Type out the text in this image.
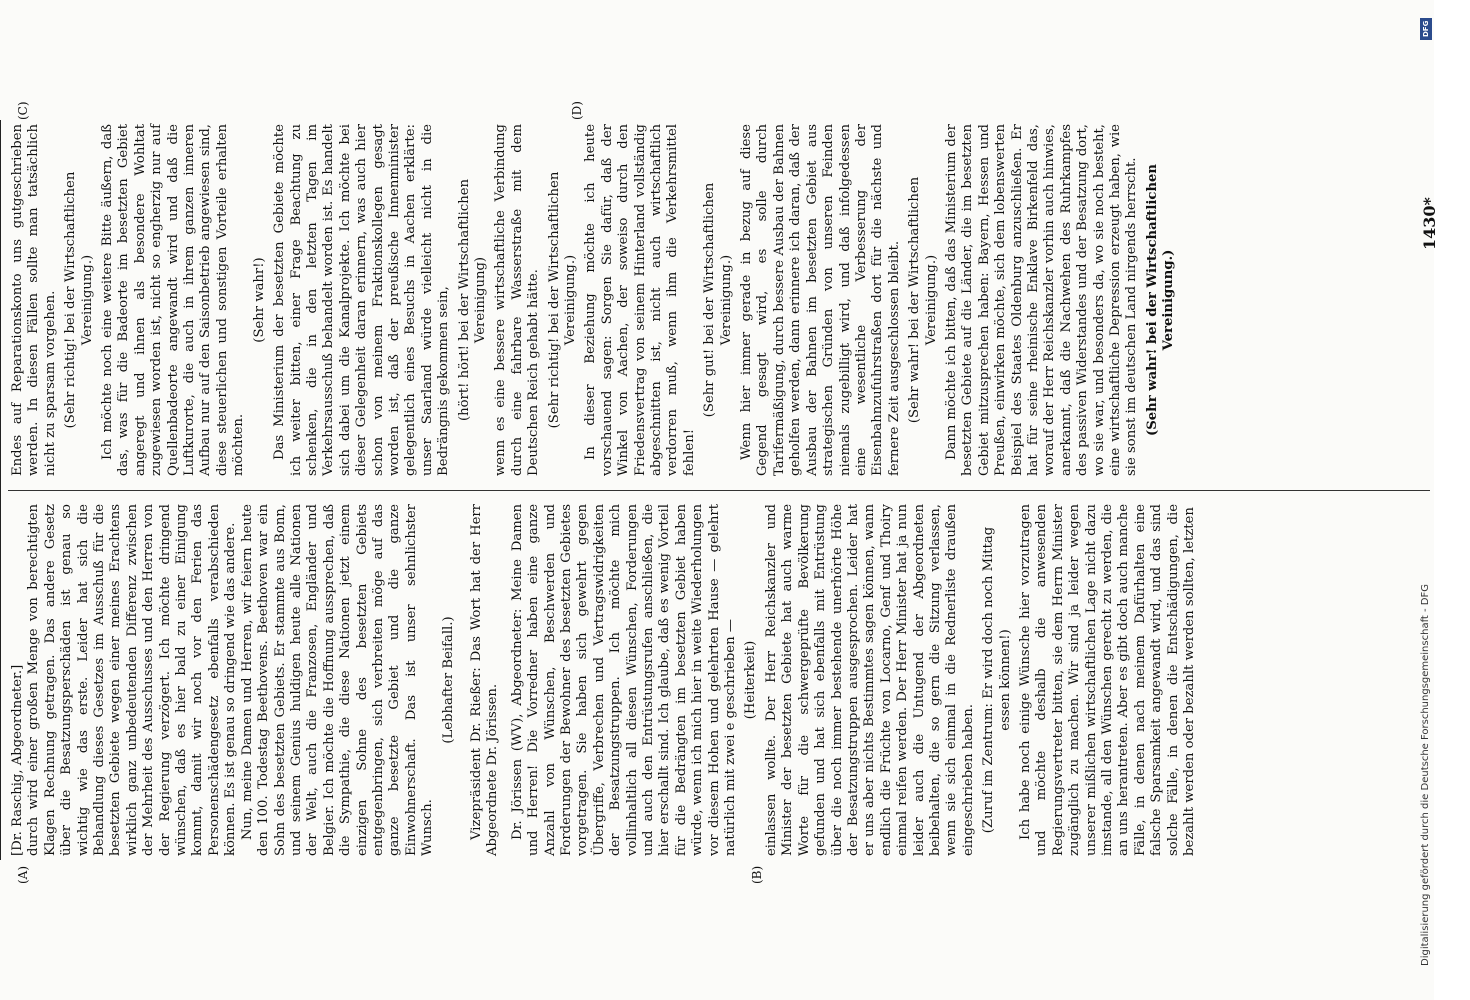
(A)	(B)
(C)	(D)

[Dr. Raschig, Abgeordneter.] durch wird einer großen Menge von berechtigten Klagen Rechnung getragen. Das andere Gesetz über die Besatzungsperschäden ist genau so wichtig wie das erste. Leider hat sich die Behandlung dieses Gesetzes im Ausschuß für die besetzten Gebiete wegen einer meines Erachtens wirklich ganz unbedeutenden Differenz zwischen der Mehrheit des Ausschusses und den Herren von der Regierung verzögert. Ich möchte dringend wünschen, daß es hier bald zu einer Einigung kommt, damit wir noch vor den Ferien das Personenschädengesetz ebenfalls verabschieden können. Es ist genau so dringend wie das andere. Nun, meine Damen und Herren, wir feiern heute den 100. Todestag Beethovens. Beethoven war ein Sohn des besetzten Gebiets. Er stammte aus Bonn, und seinem Genius huldigen heute alle Nationen der Welt, auch die Franzosen, Engländer und Belgier. Ich möchte die Hoffnung aussprechen, daß die Sympathie, die diese Nationen jetzt einem einzigen Sohne des besetzten Gebiets entgegenbringen, sich verbreiten möge auf das ganze besetzte Gebiet und die ganze Einwohnerschaft. Das ist unser sehnlichster Wunsch.

(Lebhafter Beifall.) Vizepräsident Dr. Rießer: Das Wort hat der Herr Abgeordnete Dr. Jörissen. Dr. Jörissen (WV), Abgeordneter: Meine Damen und Herren! Die Vorredner haben eine ganze Anzahl von Wünschen, Beschwerden und Forderungen der Bewohner des besetzten Gebietes vorgetragen. Sie haben sich gewehrt gegen Übergriffe, Verbrechen und Vertragswidrigkeiten der Besatzungstruppen. Ich möchte mich vollinhaltlich all diesen Wünschen, Forderungen und auch den Entrüstungsrufen anschließen, die hier erschallt sind. Ich glaube, daß es wenig Vorteil für die Bedrängten im besetzten Gebiet haben würde, wenn ich mich hier in weite Wiederholungen vor diesem Hohen und gelehrten Hause — gelehrt natürlich mit zwei e geschrieben — (Heiterkeit) einlassen wollte. Der Herr Reichskanzler und Minister der besetzten Gebiete hat auch warme Worte für die schwergeprüfte Bevölkerung gefunden und hat sich ebenfalls mit Entrüstung über die noch immer bestehende unerhörte Höhe der Besatzungstruppen ausgesprochen. Leider hat er uns aber nichts Bestimmtes sagen können, wann endlich die Früchte von Locarno, Genf und Thoiry einmal reifen werden. Der Herr Minister hat ja nun leider auch die Untugend der Abgeordneten beibehalten, die so gern die Sitzung verlassen, wenn sie sich einmal in die Rednerliste draußen eingeschrieben haben. (Zuruf im Zentrum: Er wird doch noch Mittag essen können!) Ich habe noch einige Wünsche hier vorzutragen und möchte deshalb die anwesenden Regierungsvertreter bitten, sie dem Herrn Minister zugänglich zu machen. Wir sind ja leider wegen unserer mißlichen wirtschaftlichen Lage nicht dazu imstande, all den Wünschen gerecht zu werden, die an uns herantreten. Aber es gibt doch auch manche Fälle, in denen nach meinem Dafürhalten eine falsche Sparsamkeit angewandt wird, und das sind solche Fälle, in denen die Entschädigungen, die bezahlt werden oder bezahlt werden sollten, letzten

Endes auf Reparationskonto uns gutgeschrieben werden. In diesen Fällen sollte man tatsächlich nicht zu sparsam vorgehen. (Sehr richtig! bei der Wirtschaftlichen Vereinigung.) Ich möchte noch eine weitere Bitte äußern, daß das, was für die Badeorte im besetzten Gebiet angeregt und ihnen als besondere Wohltat zugewiesen worden ist, nicht so engherzig nur auf Quellenbadeorte angewandt wird und daß die Luftkurorte, die auch in ihrem ganzen inneren Aufbau nur auf den Saisonbetrieb angewiesen sind, diese steuerlichen und sonstigen Vorteile erhalten möchten.

(Sehr wahr!) Das Ministerium der besetzten Gebiete möchte ich weiter bitten, einer Frage Beachtung zu schenken, die in den letzten Tagen im Verkehrsausschuß behandelt worden ist. Es handelt sich dabei um die Kanalprojekte. Ich möchte bei dieser Gelegenheit daran erinnern, was auch hier schon von meinem Fraktionskollegen gesagt worden ist, daß der preußische Innenminister gelegentlich eines Besuchs in Aachen erklärte: unser Saarland würde vielleicht nicht in die Bedrängnis gekommen sein, (hört! hört! bei der Wirtschaftlichen Vereinigung) wenn es eine bessere wirtschaftliche Verbindung durch eine fahrbare Wasserstraße mit dem Deutschen Reich gehabt hätte. (Sehr richtig! bei der Wirtschaftlichen Vereinigung.) In dieser Beziehung möchte ich heute vorschauend sagen: Sorgen Sie dafür, daß der Winkel von Aachen, der soweiso durch den Friedensvertrag von seinem Hinterland vollständig abgeschnitten ist, nicht auch wirtschaftlich verdorren muß, wenn ihm die Verkehrsmittel fehlen!

(Sehr gut! bei der Wirtschaftlichen Vereinigung.) Wenn hier immer gerade in bezug auf diese Gegend gesagt wird, es solle durch Tarifermäßigung, durch bessere Ausbau der Bahnen geholfen werden, dann erinnere ich daran, daß der Ausbau der Bahnen im besetzten Gebiet aus strategischen Gründen von unseren Feinden niemals zugebilligt wird, und daß infolgedessen eine wesentliche Verbesserung der Eisenbahnzufuhrstraßen dort für die nächste und fernere Zeit ausgeschlossen bleibt. (Sehr wahr! bei der Wirtschaftlichen Vereinigung.) Dann möchte ich bitten, daß das Ministerium der besetzten Gebiete auf die Länder, die im besetzten Gebiet mitzusprechen haben: Bayern, Hessen und Preußen, einwirken möchte, sich dem lobenswerten Beispiel des Staates Oldenburg anzuschließen. Er hat für seine rheinische Enklave Birkenfeld das, worauf der Herr Reichskanzler vorhin auch hinwies, anerkannt, daß die Nachwehen des Ruhrkampfes des passiven Widerstandes und der Besatzung dort, wo sie war, und besonders da, wo sie noch besteht, eine wirtschaftliche Depression erzeugt haben, wie sie sonst im deutschen Land nirgends herrscht. (Sehr wahr! bei der Wirtschaftlichen Vereinigung.)

1430*
DFG
Digitalisierung gefördert durch die Deutsche Forschungsgemeinschaft - DFG
